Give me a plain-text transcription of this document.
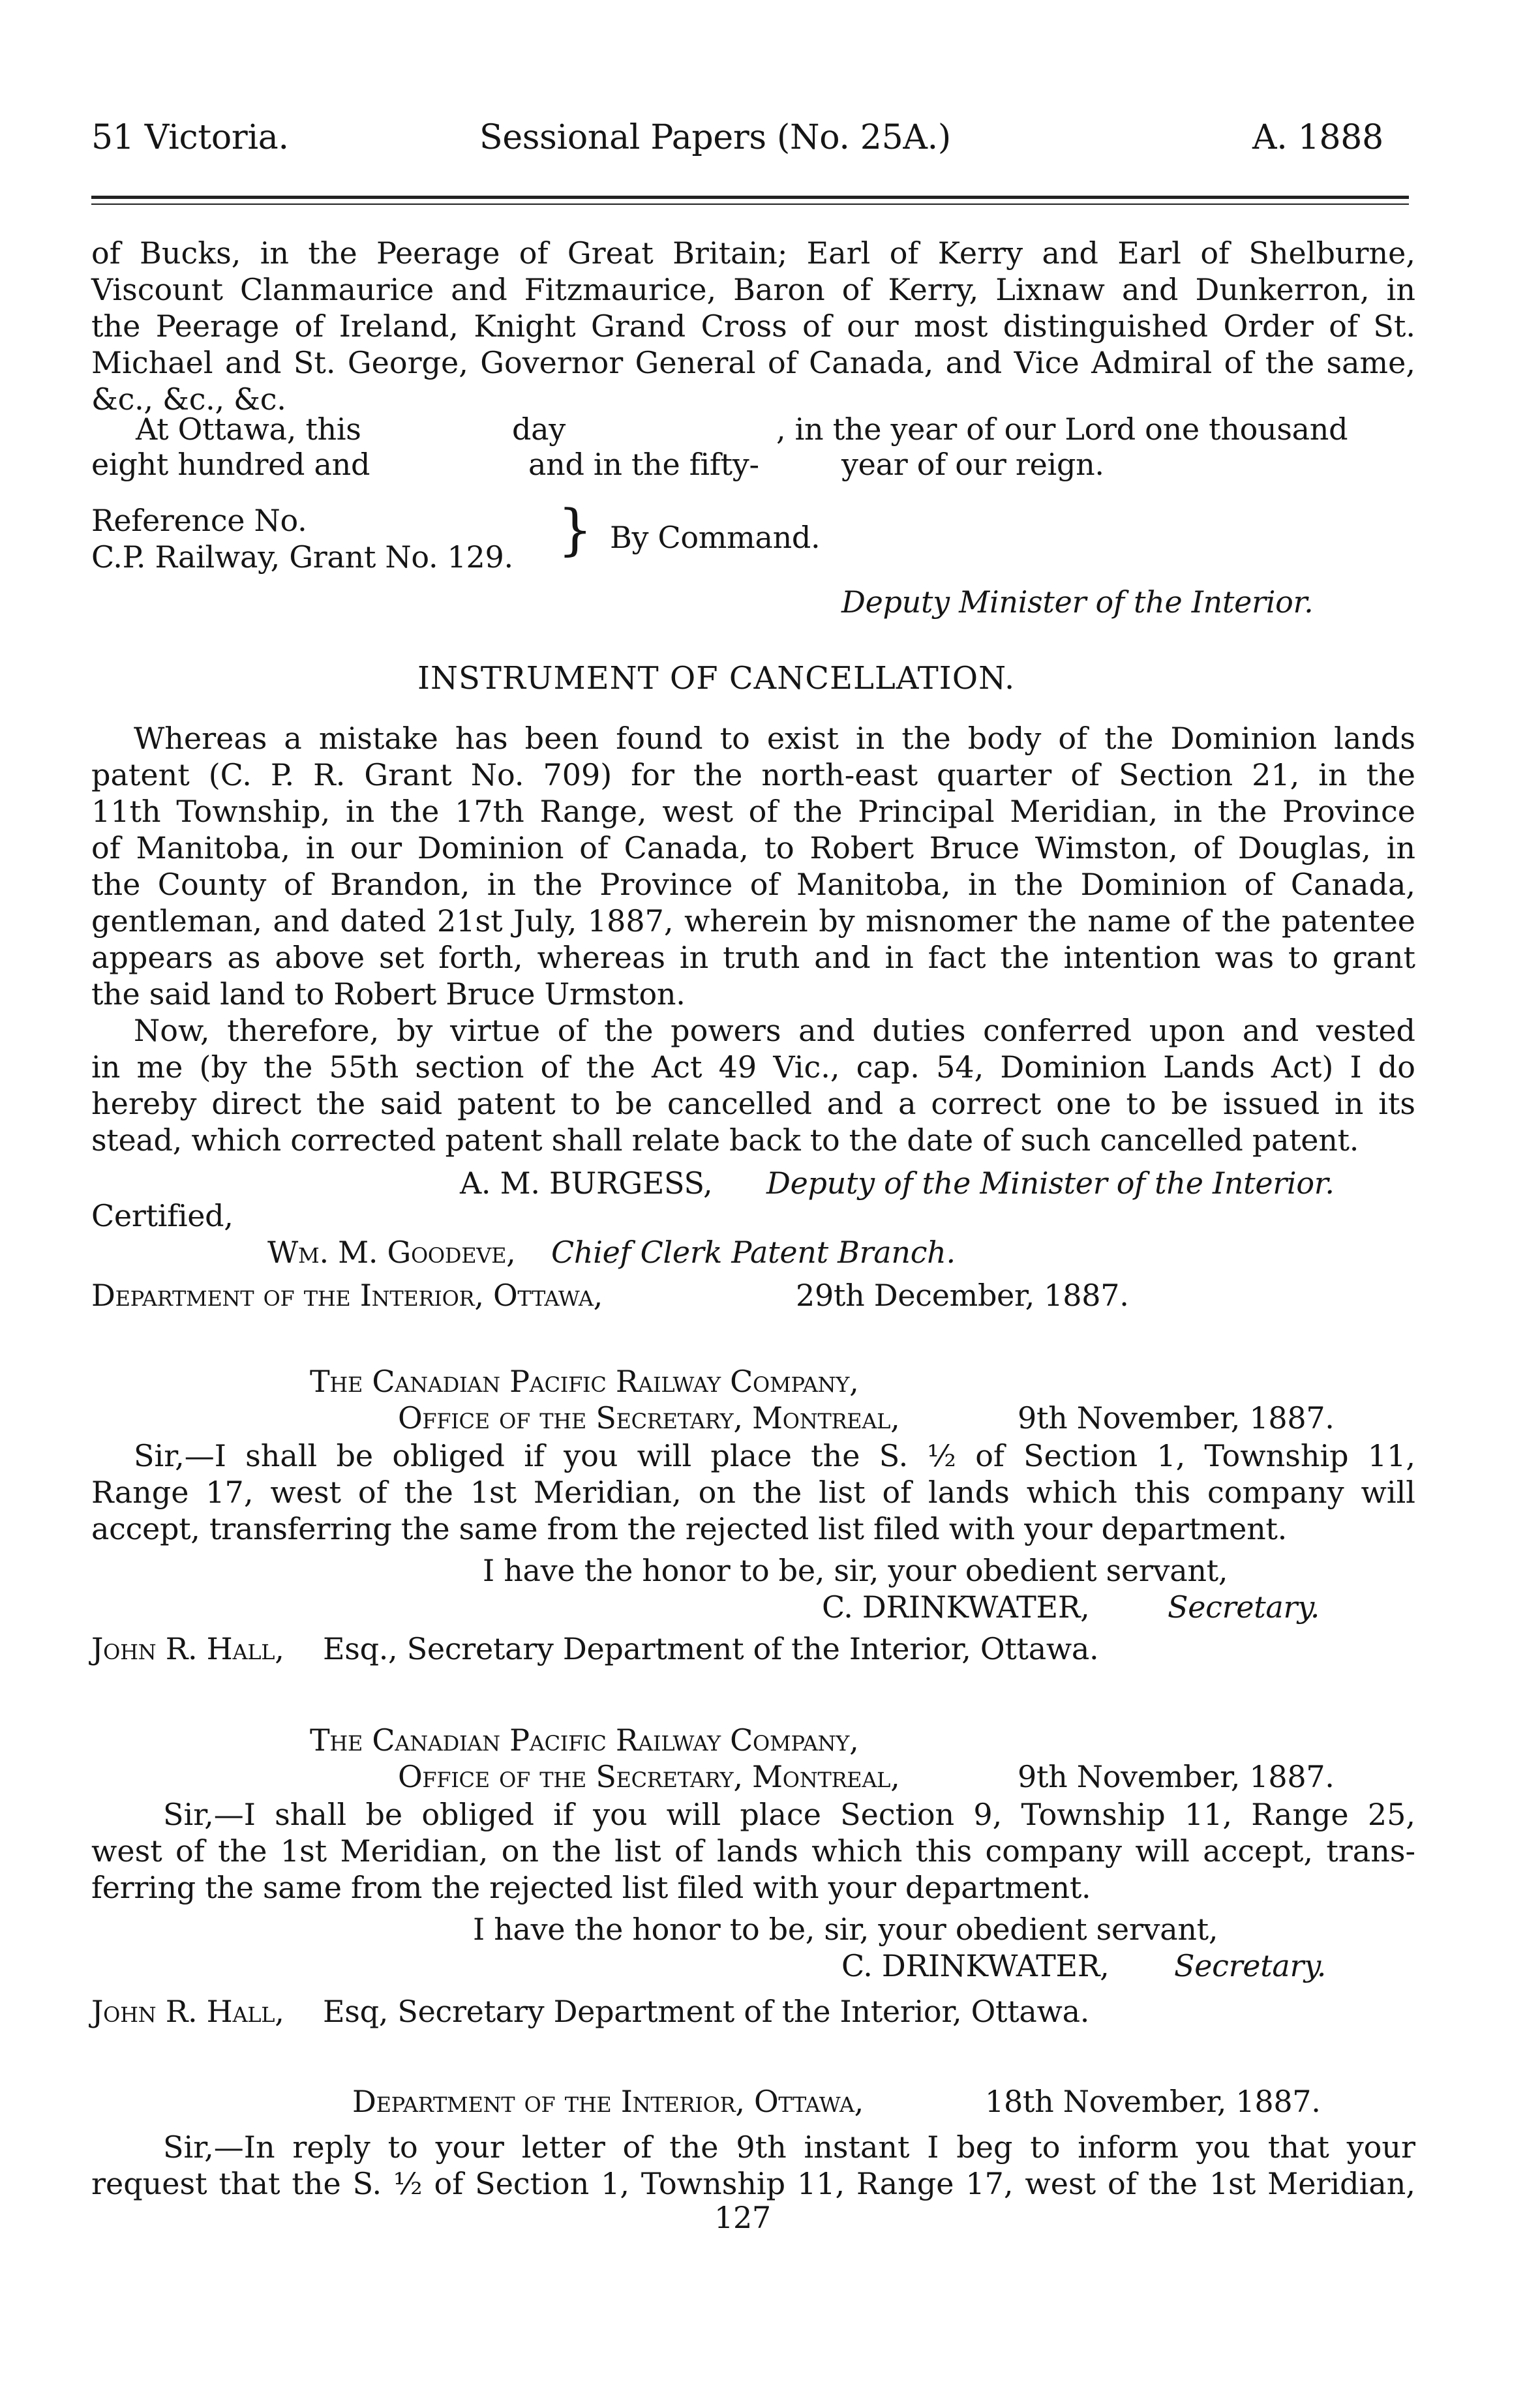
51 Victoria.	Sessional Papers (No. 25A.)	A. 1888
of Bucks, in the Peerage of Great Britain; Earl of Kerry and Earl of Shelburne,
Viscount Clanmaurice and Fitzmaurice, Baron of Kerry, Lixnaw and Dunkerron, in
the Peerage of Ireland, Knight Grand Cross of our most distinguished Order of St.
Michael and St. George, Governor General of Canada, and Vice Admiral of the same,
&c., &c., &c.
At Ottawa, this	day	, in the year of our Lord one thousand
eight hundred and	and in the fifty-	year of our reign.
Reference No.
C.P. Railway, Grant No. 129. } By Command.
Deputy Minister of the Interior.
INSTRUMENT OF CANCELLATION.
Whereas a mistake has been found to exist in the body of the Dominion lands
patent (C. P. R. Grant No. 709) for the north-east quarter of Section 21, in the
11th Township, in the 17th Range, west of the Principal Meridian, in the Province
of Manitoba, in our Dominion of Canada, to Robert Bruce Wimston, of Douglas, in
the County of Brandon, in the Province of Manitoba, in the Dominion of Canada,
gentleman, and dated 21st July, 1887, wherein by misnomer the name of the patentee
appears as above set forth, whereas in truth and in fact the intention was to grant
the said land to Robert Bruce Urmston.
Now, therefore, by virtue of the powers and duties conferred upon and vested
in me (by the 55th section of the Act 49 Vic., cap. 54, Dominion Lands Act) I do
hereby direct the said patent to be cancelled and a correct one to be issued in its
stead, which corrected patent shall relate back to the date of such cancelled patent.
A. M. BURGESS, Deputy of the Minister of the Interior.
Certified,
Wm. M. Goodeve, Chief Clerk Patent Branch.
Department of the Interior, Ottawa,	29th December, 1887.
The Canadian Pacific Railway Company,
Office of the Secretary, Montreal,	9th November, 1887.
Sir,—I shall be obliged if you will place the S. ½ of Section 1, Township 11,
Range 17, west of the 1st Meridian, on the list of lands which this company will
accept, transferring the same from the rejected list filed with your department.
I have the honor to be, sir, your obedient servant,
C. DRINKWATER,	Secretary.
John R. Hall, Esq., Secretary Department of the Interior, Ottawa.
The Canadian Pacific Railway Company,
Office of the Secretary, Montreal,	9th November, 1887.
Sir,—I shall be obliged if you will place Section 9, Township 11, Range 25,
west of the 1st Meridian, on the list of lands which this company will accept, trans-
ferring the same from the rejected list filed with your department.
I have the honor to be, sir, your obedient servant,
C. DRINKWATER, Secretary.
John R. Hall, Esq, Secretary Department of the Interior, Ottawa.
Department of the Interior, Ottawa,	18th November, 1887.
Sir,—In reply to your letter of the 9th instant I beg to inform you that your
request that the S. ½ of Section 1, Township 11, Range 17, west of the 1st Meridian,
127
